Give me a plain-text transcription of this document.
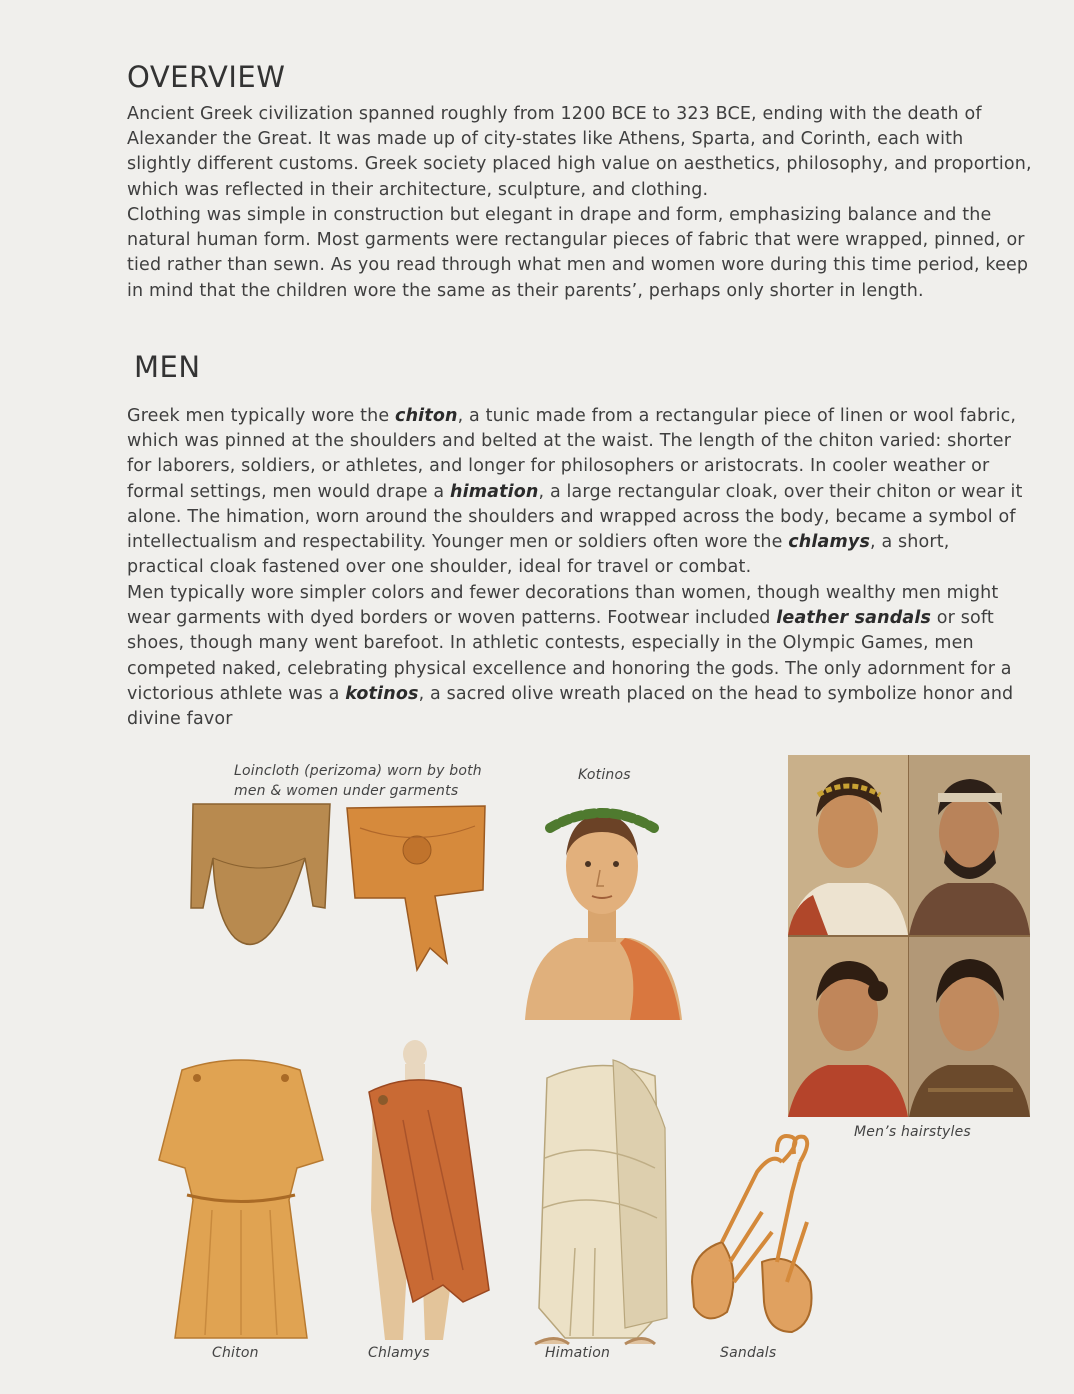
OVERVIEW

Ancient Greek civilization spanned roughly from 1200 BCE to 323 BCE, ending with the death of Alexander the Great. It was made up of city-states like Athens, Sparta, and Corinth, each with slightly different customs. Greek society placed high value on aesthetics, philosophy, and proportion, which was reflected in their architecture, sculpture, and clothing.

Clothing was simple in construction but elegant in drape and form, emphasizing balance and the natural human form. Most garments were rectangular pieces of fabric that were wrapped, pinned, or tied rather than sewn. As you read through what men and women wore during this time period, keep in mind that the children wore the same as their parents’, perhaps only shorter in length.

MEN

Greek men typically wore the chiton, a tunic made from a rectangular piece of linen or wool fabric, which was pinned at the shoulders and belted at the waist. The length of the chiton varied: shorter for laborers, soldiers, or athletes, and longer for philosophers or aristocrats. In cooler weather or formal settings, men would drape a himation, a large rectangular cloak, over their chiton or wear it alone. The himation, worn around the shoulders and wrapped across the body, became a symbol of intellectualism and respectability. Younger men or soldiers often wore the chlamys, a short, practical cloak fastened over one shoulder, ideal for travel or combat.

Men typically wore simpler colors and fewer decorations than women, though wealthy men might wear garments with dyed borders or woven patterns. Footwear included leather sandals or soft shoes, though many went barefoot. In athletic contests, especially in the Olympic Games, men competed naked, celebrating physical excellence and honoring the gods. The only adornment for a victorious athlete was a kotinos, a sacred olive wreath placed on the head to symbolize honor and divine favor

Loincloth (perizoma) worn by both men & women under garments
Kotinos
Men’s hairstyles
Chiton	Chlamys	Himation	Sandals
